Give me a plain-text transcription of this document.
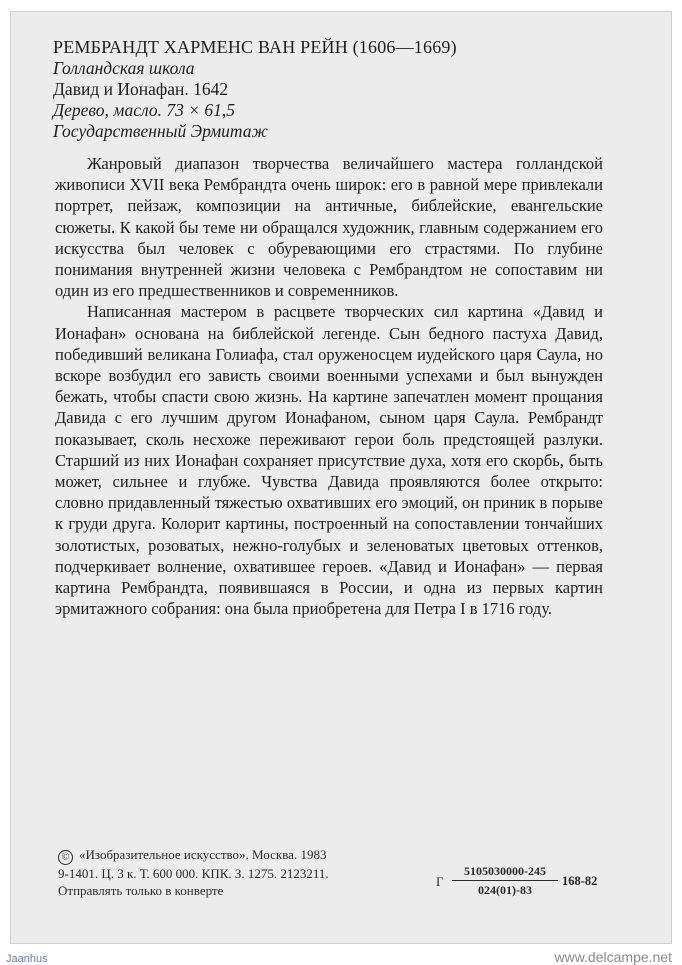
РЕМБРАНДТ ХАРМЕНС ВАН РЕЙН (1606—1669)
Голландская школа
Давид и Ионафан. 1642
Дерево, масло. 73 × 61,5
Государственный Эрмитаж

Жанровый диапазон творчества величайшего мастера голландской живописи XVII века Рембрандта очень широк: его в равной мере привлекали портрет, пейзаж, композиции на античные, библейские, евангельские сюжеты. К какой бы теме ни обращался художник, главным содержанием его искусства был человек с обуревающими его страстями. По глубине понимания внутренней жизни человека с Рембрандтом не сопоставим ни один из его предшественников и современников.

Написанная мастером в расцвете творческих сил картина «Давид и Ионафан» основана на библейской легенде. Сын бедного пастуха Давид, победивший великана Голиафа, стал оруженосцем иудейского царя Саула, но вскоре возбудил его зависть своими военными успехами и был вынужден бежать, чтобы спасти свою жизнь. На картине запечатлен момент прощания Давида с его лучшим другом Ионафаном, сыном царя Саула. Рембрандт показывает, сколь несхоже переживают герои боль предстоящей разлуки. Старший из них Ионафан сохраняет присутствие духа, хотя его скорбь, быть может, сильнее и глубже. Чувства Давида проявляются более открыто: словно придавленный тяжестью охвативших его эмоций, он приник в порыве к груди друга. Колорит картины, построенный на сопоставлении тончайших золотистых, розоватых, нежно-голубых и зеленоватых цветовых оттенков, подчеркивает волнение, охватившее героев. «Давид и Ионафан» — первая картина Рембрандта, появившаяся в России, и одна из первых картин эрмитажного собрания: она была приобретена для Петра I в 1716 году.

© «Изобразительное искусство». Москва. 1983
9-1401. Ц. 3 к. Т. 600 000. КПК. З. 1275. 2123211.
Отправлять только в конверте
Г $\frac{5105030000-245}{024(01)-83} 168-82$
Jaanhus	www.delcampe.net
